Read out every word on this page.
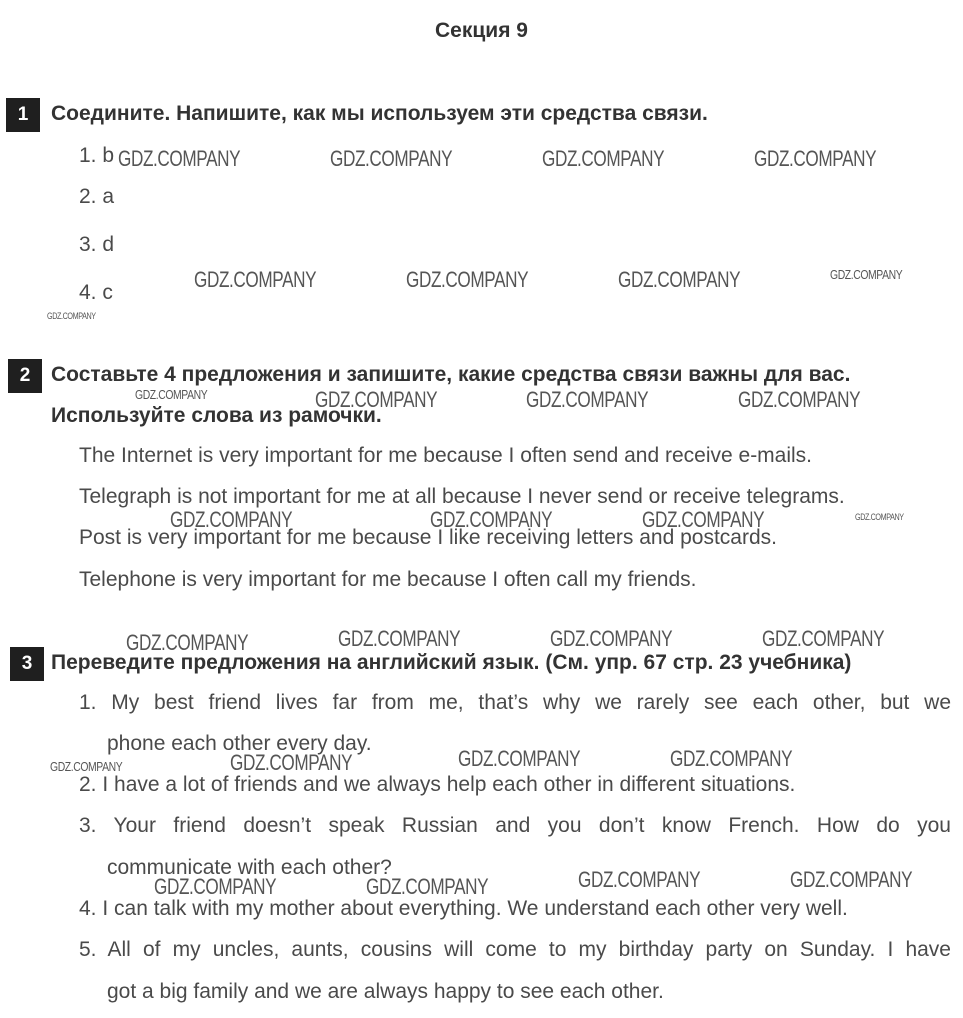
Секция 9
1	Соедините. Напишите, как мы используем эти средства связи.
1. b
2. a
3. d
4. c
2 Составьте 4 предложения и запишите, какие средства связи важны для вас.
Используйте слова из рамочки.
The Internet is very important for me because I often send and receive e-mails.
Telegraph is not important for me at all because I never send or receive telegrams.
Post is very important for me because I like receiving letters and postcards.
Telephone is very important for me because I often call my friends.
3 Переведите предложения на английский язык. (См. упр. 67 стр. 23 учебника)
1. My best friend lives far from me, that’s why we rarely see each other, but we
phone each other every day.
2. I have a lot of friends and we always help each other in different situations.
3. Your friend doesn’t speak Russian and you don’t know French. How do you
communicate with each other?
4. I can talk with my mother about everything. We understand each other very well.
5. All of my uncles, aunts, cousins will come to my birthday party on Sunday. I have
got a big family and we are always happy to see each other.
GDZ.COMPANY	GDZ.COMPANY	GDZ.COMPANY	GDZ.COMPANY
GDZ.COMPANY	GDZ.COMPANY	GDZ.COMPANY	GDZ.COMPANY
GDZ.COMPANY
GDZ.COMPANY	GDZ.COMPANY	GDZ.COMPANY	GDZ.COMPANY
GDZ.COMPANY	GDZ.COMPANY	GDZ.COMPANY	GDZ.COMPANY
GDZ.COMPANY	GDZ.COMPANY	GDZ.COMPANY	GDZ.COMPANY
GDZ.COMPANY	GDZ.COMPANY	GDZ.COMPANY	GDZ.COMPANY
GDZ.COMPANY	GDZ.COMPANY	GDZ.COMPANY	GDZ.COMPANY
